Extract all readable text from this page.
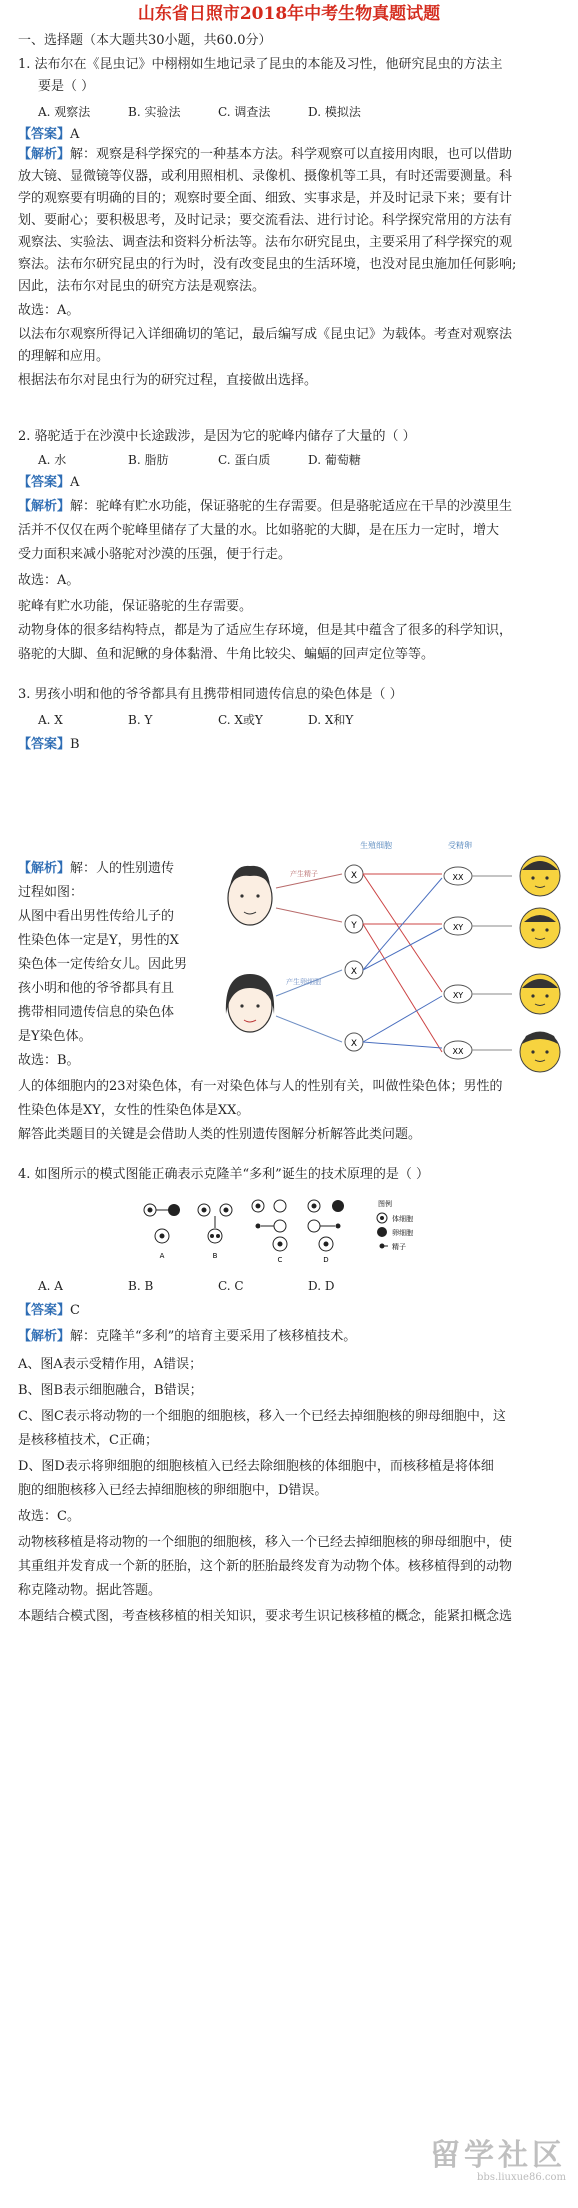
山东省日照市2018年中考生物真题试题
一、选择题（本大题共30小题，共60.0分）
1. 法布尔在《昆虫记》中栩栩如生地记录了昆虫的本能及习性，他研究昆虫的方法主
要是（ ）
A. 观察法	B. 实验法	C. 调查法	D. 模拟法
【答案】A
【解析】解：观察是科学探究的一种基本方法。科学观察可以直接用肉眼，也可以借助
放大镜、显微镜等仪器，或利用照相机、录像机、摄像机等工具，有时还需要测量。科
学的观察要有明确的目的；观察时要全面、细致、实事求是，并及时记录下来；要有计
划、要耐心；要积极思考，及时记录；要交流看法、进行讨论。科学探究常用的方法有
观察法、实验法、调查法和资料分析法等。法布尔研究昆虫，主要采用了科学探究的观
察法。法布尔研究昆虫的行为时，没有改变昆虫的生活环境，也没对昆虫施加任何影响;
因此，法布尔对昆虫的研究方法是观察法。
故选：A。
以法布尔观察所得记入详细确切的笔记，最后编写成《昆虫记》为载体。考查对观察法
的理解和应用。
根据法布尔对昆虫行为的研究过程，直接做出选择。
2. 骆驼适于在沙漠中长途跋涉，是因为它的驼峰内储存了大量的（ ）
A. 水	B. 脂肪	C. 蛋白质	D. 葡萄糖
【答案】A
【解析】解：驼峰有贮水功能，保证骆驼的生存需要。但是骆驼适应在干旱的沙漠里生
活并不仅仅在两个驼峰里储存了大量的水。比如骆驼的大脚，是在压力一定时，增大
受力面积来减小骆驼对沙漠的压强，便于行走。
故选：A。
驼峰有贮水功能，保证骆驼的生存需要。
动物身体的很多结构特点，都是为了适应生存环境，但是其中蕴含了很多的科学知识，
骆驼的大脚、鱼和泥鳅的身体黏滑、牛角比较尖、蝙蝠的回声定位等等。
3. 男孩小明和他的爷爷都具有且携带相同遗传信息的染色体是（ ）
A. X	B. Y	C. X或Y	D. X和Y
【答案】B
【解析】解：人的性别遗传
过程如图：
从图中看出男性传给儿子的
性染色体一定是Y，男性的X
染色体一定传给女儿。因此男
孩小明和他的爷爷都具有且
携带相同遗传信息的染色体
是Y染色体。
生殖细胞	受精卵
产生精子
产生卵细胞
X
Y
X
X
XX
XY
XY
XX
故选：B。
人的体细胞内的23对染色体，有一对染色体与人的性别有关，叫做性染色体；男性的
性染色体是XY，女性的性染色体是XX。
解答此类题目的关键是会借助人类的性别遗传图解分析解答此类问题。
4. 如图所示的模式图能正确表示克隆羊“多利”诞生的技术原理的是（ ）
A	B	C	D
图例
体细胞
卵细胞
精子
A. A	B. B	C. C	D. D
【答案】C
【解析】解：克隆羊“多利”的培育主要采用了核移植技术。
A、图A表示受精作用，A错误；
B、图B表示细胞融合，B错误；
C、图C表示将动物的一个细胞的细胞核，移入一个已经去掉细胞核的卵母细胞中，这
是核移植技术，C正确；
D、图D表示将卵细胞的细胞核植入已经去除细胞核的体细胞中，而核移植是将体细
胞的细胞核移入已经去掉细胞核的卵细胞中，D错误。
故选：C。
动物核移植是将动物的一个细胞的细胞核，移入一个已经去掉细胞核的卵母细胞中，使
其重组并发育成一个新的胚胎，这个新的胚胎最终发育为动物个体。核移植得到的动物
称克隆动物。据此答题。
本题结合模式图，考查核移植的相关知识，要求考生识记核移植的概念，能紧扣概念选
留学社区
bbs.liuxue86.com
